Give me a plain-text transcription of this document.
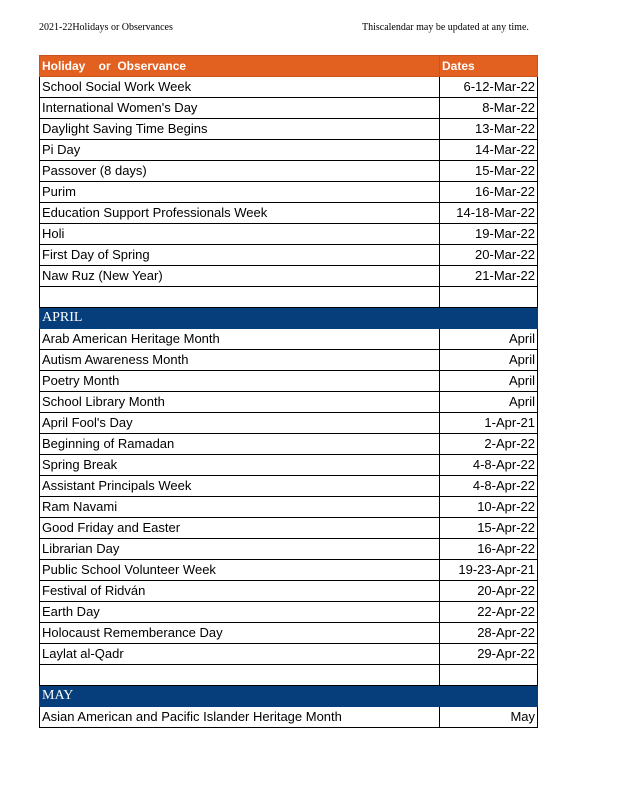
2021-22Holidays or Observances	Thiscalendar may be updated at any time.
Holiday    or  Observance	Dates
School Social Work Week	6-12-Mar-22
International Women's Day	8-Mar-22
Daylight Saving Time Begins	13-Mar-22
Pi Day	14-Mar-22
Passover (8 days)	15-Mar-22
Purim	16-Mar-22
Education Support Professionals Week	14-18-Mar-22
Holi	19-Mar-22
First Day of Spring	20-Mar-22
Naw Ruz (New Year)	21-Mar-22

APRIL	
Arab American Heritage Month	April
Autism Awareness Month	April
Poetry Month	April
School Library Month	April
April Fool's Day	1-Apr-21
Beginning of Ramadan	2-Apr-22
Spring Break	4-8-Apr-22
Assistant Principals Week	4-8-Apr-22
Ram Navami	10-Apr-22
Good Friday and Easter	15-Apr-22
Librarian Day	16-Apr-22
Public School Volunteer Week	19-23-Apr-21
Festival of Ridván	20-Apr-22
Earth Day	22-Apr-22
Holocaust Rememberance Day	28-Apr-22
Laylat al-Qadr	29-Apr-22

MAY	
Asian American and Pacific Islander Heritage Month	May
